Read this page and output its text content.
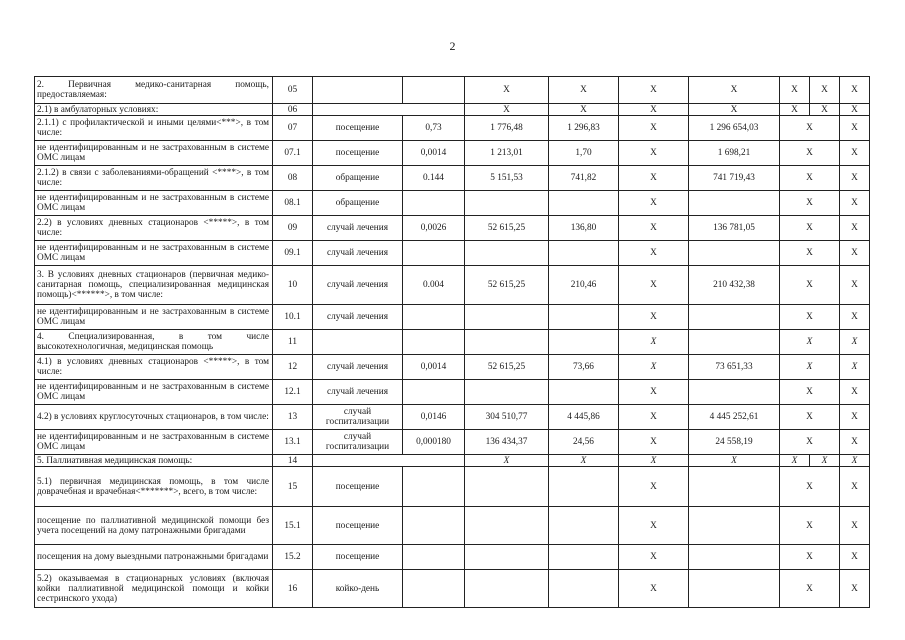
2
2. Первичная медико-санитарная помощь, предоставляемая:	05			X	X	X	X	X	X	X
2.1) в амбулаторных условиях:	06			X	X	X	X	X	X	X
2.1.1) с профилактической и иными целями<***>, в том числе:	07	посещение	0,73	1 776,48	1 296,83	X	1 296 654,03	X		X
не идентифицированным и не застрахованным в системе ОМС лицам	07.1	посещение	0,0014	1 213,01	1,70	X	1 698,21	X		X
2.1.2) в связи с заболеваниями-обращений <****>, в том числе:	08	обращение	0.144	5 151,53	741,82	X	741 719,43	X		X
не идентифицированным и не застрахованным в системе ОМС лицам	08.1	обращение				X		X		X
2.2) в условиях дневных стационаров <*****>, в том числе:	09	случай лечения	0,0026	52 615,25	136,80	X	136 781,05	X		X
не идентифицированным и не застрахованным в системе ОМС лицам	09.1	случай лечения				X		X		X
3. В условиях дневных стационаров (первичная медико-санитарная помощь, специализированная медицинская помощь)<******>, в том числе:	10	случай лечения	0.004	52 615,25	210,46	X	210 432,38	X		X
не идентифицированным и не застрахованным в системе ОМС лицам	10.1	случай лечения				X		X		X
4. Специализированная, в том числе высокотехнологичная, медицинская помощь	11					X		X		X
4.1) в условиях дневных стационаров <*****>, в том числе:	12	случай лечения	0,0014	52 615,25	73,66	X	73 651,33	X		X
не идентифицированным и не застрахованным в системе ОМС лицам	12.1	случай лечения				X		X		X
4.2) в условиях круглосуточных стационаров, в том числе:	13	случай госпитализации	0,0146	304 510,77	4 445,86	X	4 445 252,61	X		X
не идентифицированным и не застрахованным в системе ОМС лицам	13.1	случай госпитализации	0,000180	136 434,37	24,56	X	24 558,19	X		X
5. Паллиативная медицинская помощь:	14			X	X	X	X	X	X	X
5.1) первичная медицинская помощь, в том числе доврачебная и врачебная<*******>, всего, в том числе:	15	посещение				X		X		X
посещение по паллиативной медицинской помощи без учета посещений на дому патронажными бригадами	15.1	посещение				X		X		X
посещения на дому выездными патронажными бригадами	15.2	посещение				X		X		X
5.2) оказываемая в стационарных условиях (включая койки паллиативной медицинской помощи и койки сестринского ухода)	16	койко-день				X		X		X
